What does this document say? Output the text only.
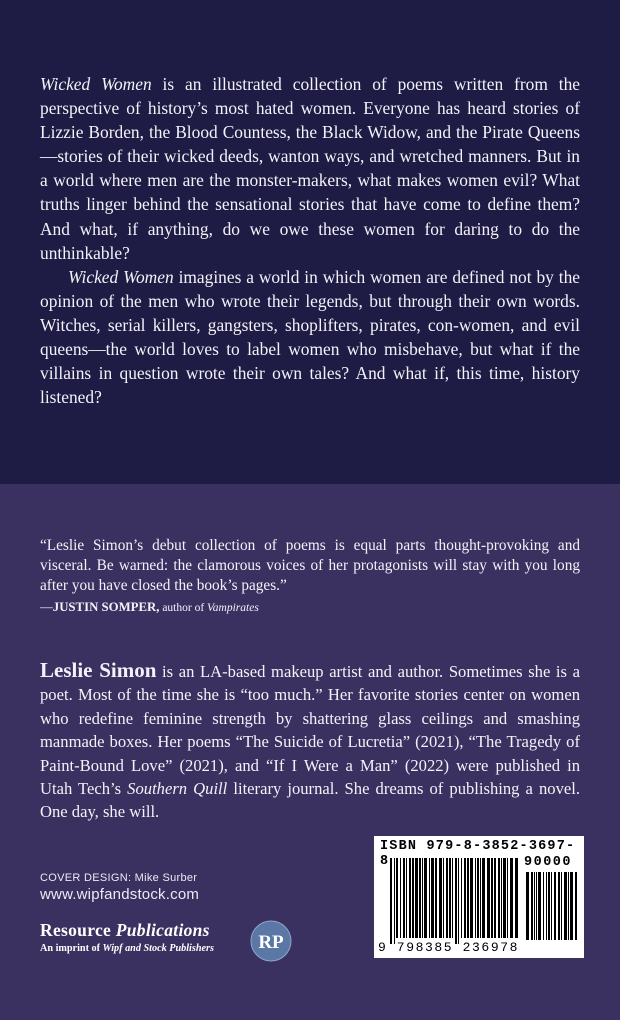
Wicked Women is an illustrated collection of poems written from the perspective of history’s most hated women. Everyone has heard stories of Lizzie Borden, the Blood Countess, the Black Widow, and the Pirate Queens—stories of their wicked deeds, wanton ways, and wretched manners. But in a world where men are the monster-makers, what makes women evil? What truths linger behind the sensational stories that have come to define them? And what, if anything, do we owe these women for daring to do the unthinkable?

Wicked Women imagines a world in which women are defined not by the opinion of the men who wrote their legends, but through their own words. Witches, serial killers, gangsters, shoplifters, pirates, con-women, and evil queens—the world loves to label women who misbehave, but what if the villains in question wrote their own tales? And what if, this time, history listened?

“Leslie Simon’s debut collection of poems is equal parts thought-provoking and visceral. Be warned: the clamorous voices of her protagonists will stay with you long after you have closed the book’s pages.”
—JUSTIN SOMPER, author of Vampirates
Leslie Simon is an LA-based makeup artist and author. Sometimes she is a poet. Most of the time she is “too much.” Her favorite stories center on women who redefine feminine strength by shattering glass ceilings and smashing manmade boxes. Her poems “The Suicide of Lucretia” (2021), “The Tragedy of Paint-Bound Love” (2021), and “If I Were a Man” (2022) were published in Utah Tech’s Southern Quill literary journal. She dreams of publishing a novel. One day, she will.
COVER DESIGN: Mike Surber
www.wipfandstock.com
Resource Publications
An imprint of Wipf and Stock Publishers	RP
ISBN 979-8-3852-3697-8	90000
9 798385 236978
